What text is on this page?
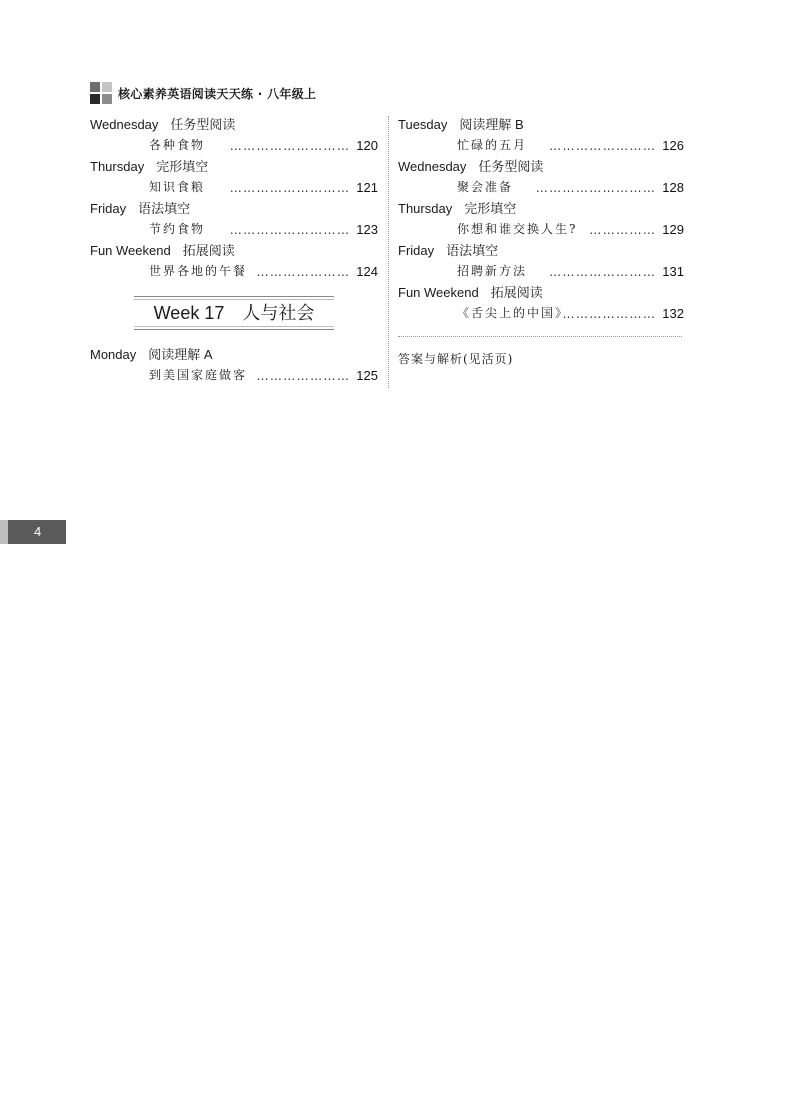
核心素养英语阅读天天练 · 八年级上
Wednesday 任务型阅读
各种食物 ……………………… 120
Thursday 完形填空
知识食粮 ……………………… 121
Friday 语法填空
节约食物 ……………………… 123
Fun Weekend 拓展阅读
世界各地的午餐 ………………… 124
Week 17 人与社会
Monday 阅读理解 A
到美国家庭做客 ………………… 125
Tuesday 阅读理解 B
忙碌的五月 …………………… 126
Wednesday 任务型阅读
聚会准备 ……………………… 128
Thursday 完形填空
你想和谁交换人生? …………… 129
Friday 语法填空
招聘新方法 …………………… 131
Fun Weekend 拓展阅读
《舌尖上的中国》
………………… 132
答案与解析(见活页)
4
